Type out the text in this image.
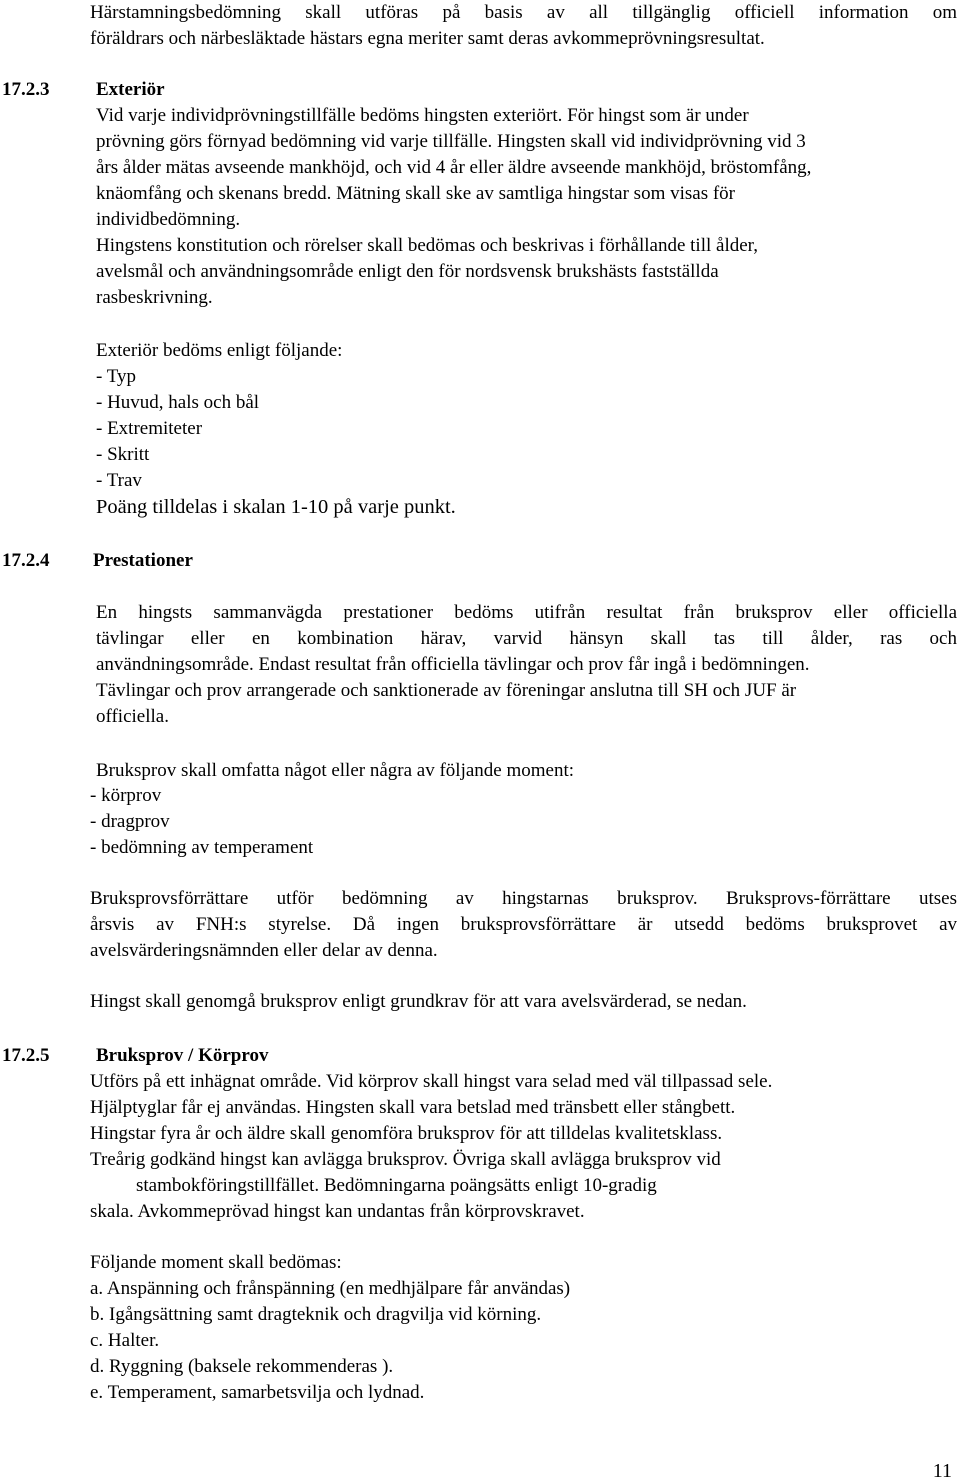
Härstamningsbedömning skall utföras på basis av all tillgänglig officiell information om
föräldrars och närbesläktade hästars egna meriter samt deras avkommeprövningsresultat.
17.2.3 Exteriör
Vid varje individprövningstillfälle bedöms hingsten exteriört. För hingst som är under
prövning görs förnyad bedömning vid varje tillfälle. Hingsten skall vid individprövning vid 3
års ålder mätas avseende mankhöjd, och vid 4 år eller äldre avseende mankhöjd, bröstomfång,
knäomfång och skenans bredd. Mätning skall ske av samtliga hingstar som visas för
individbedömning.
Hingstens konstitution och rörelser skall bedömas och beskrivas i förhållande till ålder,
avelsmål och användningsområde enligt den för nordsvensk brukshästs fastställda
rasbeskrivning.
Exteriör bedöms enligt följande:
- Typ
- Huvud, hals och bål
- Extremiteter
- Skritt
- Trav
Poäng tilldelas i skalan 1-10 på varje punkt.
17.2.4 Prestationer
En hingsts sammanvägda prestationer bedöms utifrån resultat från bruksprov eller officiella
tävlingar eller en kombination härav, varvid hänsyn skall tas till ålder, ras och
användningsområde. Endast resultat från officiella tävlingar och prov får ingå i bedömningen.
Tävlingar och prov arrangerade och sanktionerade av föreningar anslutna till SH och JUF är
officiella.
Bruksprov skall omfatta något eller några av följande moment:
- körprov
- dragprov
- bedömning av temperament
Bruksprovsförrättare utför bedömning av hingstarnas bruksprov. Bruksprovs-förrättare utses
årsvis av FNH:s styrelse. Då ingen bruksprovsförrättare är utsedd bedöms bruksprovet av
avelsvärderingsnämnden eller delar av denna.
Hingst skall genomgå bruksprov enligt grundkrav för att vara avelsvärderad, se nedan.
17.2.5 Bruksprov / Körprov
Utförs på ett inhägnat område. Vid körprov skall hingst vara selad med väl tillpassad sele.
Hjälptyglar får ej användas. Hingsten skall vara betslad med tränsbett eller stångbett.
Hingstar fyra år och äldre skall genomföra bruksprov för att tilldelas kvalitetsklass.
Treårig godkänd hingst kan avlägga bruksprov. Övriga skall avlägga bruksprov vid
stambokföringstillfället. Bedömningarna poängsätts enligt 10-gradig
skala. Avkommeprövad hingst kan undantas från körprovskravet.
Följande moment skall bedömas:
a. Anspänning och frånspänning (en medhjälpare får användas)
b. Igångsättning samt dragteknik och dragvilja vid körning.
c. Halter.
d. Ryggning (baksele rekommenderas ).
e. Temperament, samarbetsvilja och lydnad.
11
